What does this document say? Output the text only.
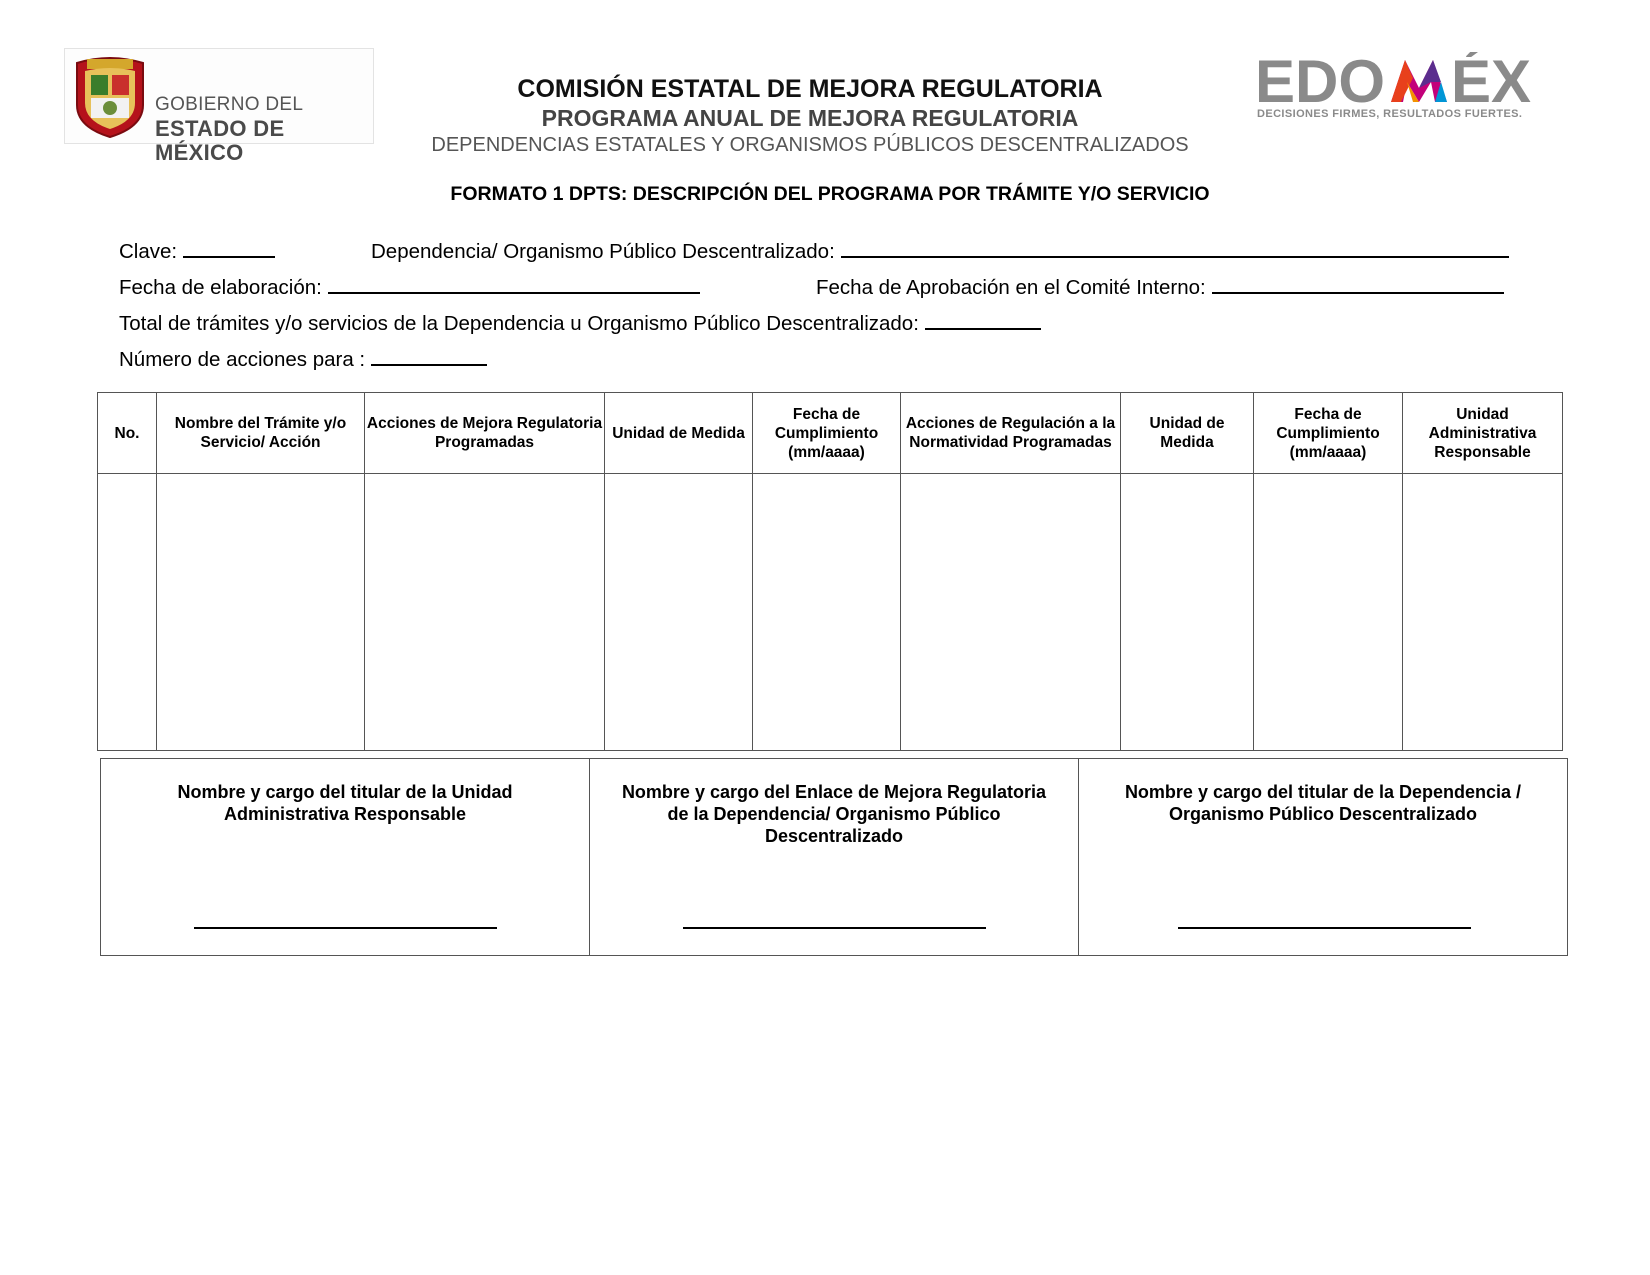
GOBIERNO DEL
ESTADO DE MÉXICO
EDO ÉX
DECISIONES FIRMES, RESULTADOS FUERTES.
COMISIÓN ESTATAL DE MEJORA REGULATORIA
PROGRAMA ANUAL DE MEJORA REGULATORIA
DEPENDENCIAS ESTATALES Y ORGANISMOS PÚBLICOS DESCENTRALIZADOS
FORMATO 1 DPTS: DESCRIPCIÓN DEL PROGRAMA POR TRÁMITE Y/O SERVICIO
Clave:	Dependencia/ Organismo Público Descentralizado:
Fecha de elaboración:	Fecha de Aprobación en el Comité Interno:
Total de trámites y/o servicios de la Dependencia u Organismo Público Descentralizado:
Número de acciones para :
No.	Nombre del Trámite y/o Servicio/ Acción	Acciones de Mejora Regulatoria Programadas	Unidad de Medida	Fecha de Cumplimiento (mm/aaaa)	Acciones de Regulación a la Normatividad Programadas	Unidad de Medida	Fecha de Cumplimiento (mm/aaaa)	Unidad Administrativa Responsable

Nombre y cargo del titular de la Unidad Administrativa Responsable

Nombre y cargo del Enlace de Mejora Regulatoria de la Dependencia/ Organismo Público Descentralizado

Nombre y cargo del titular de la Dependencia / Organismo Público Descentralizado
